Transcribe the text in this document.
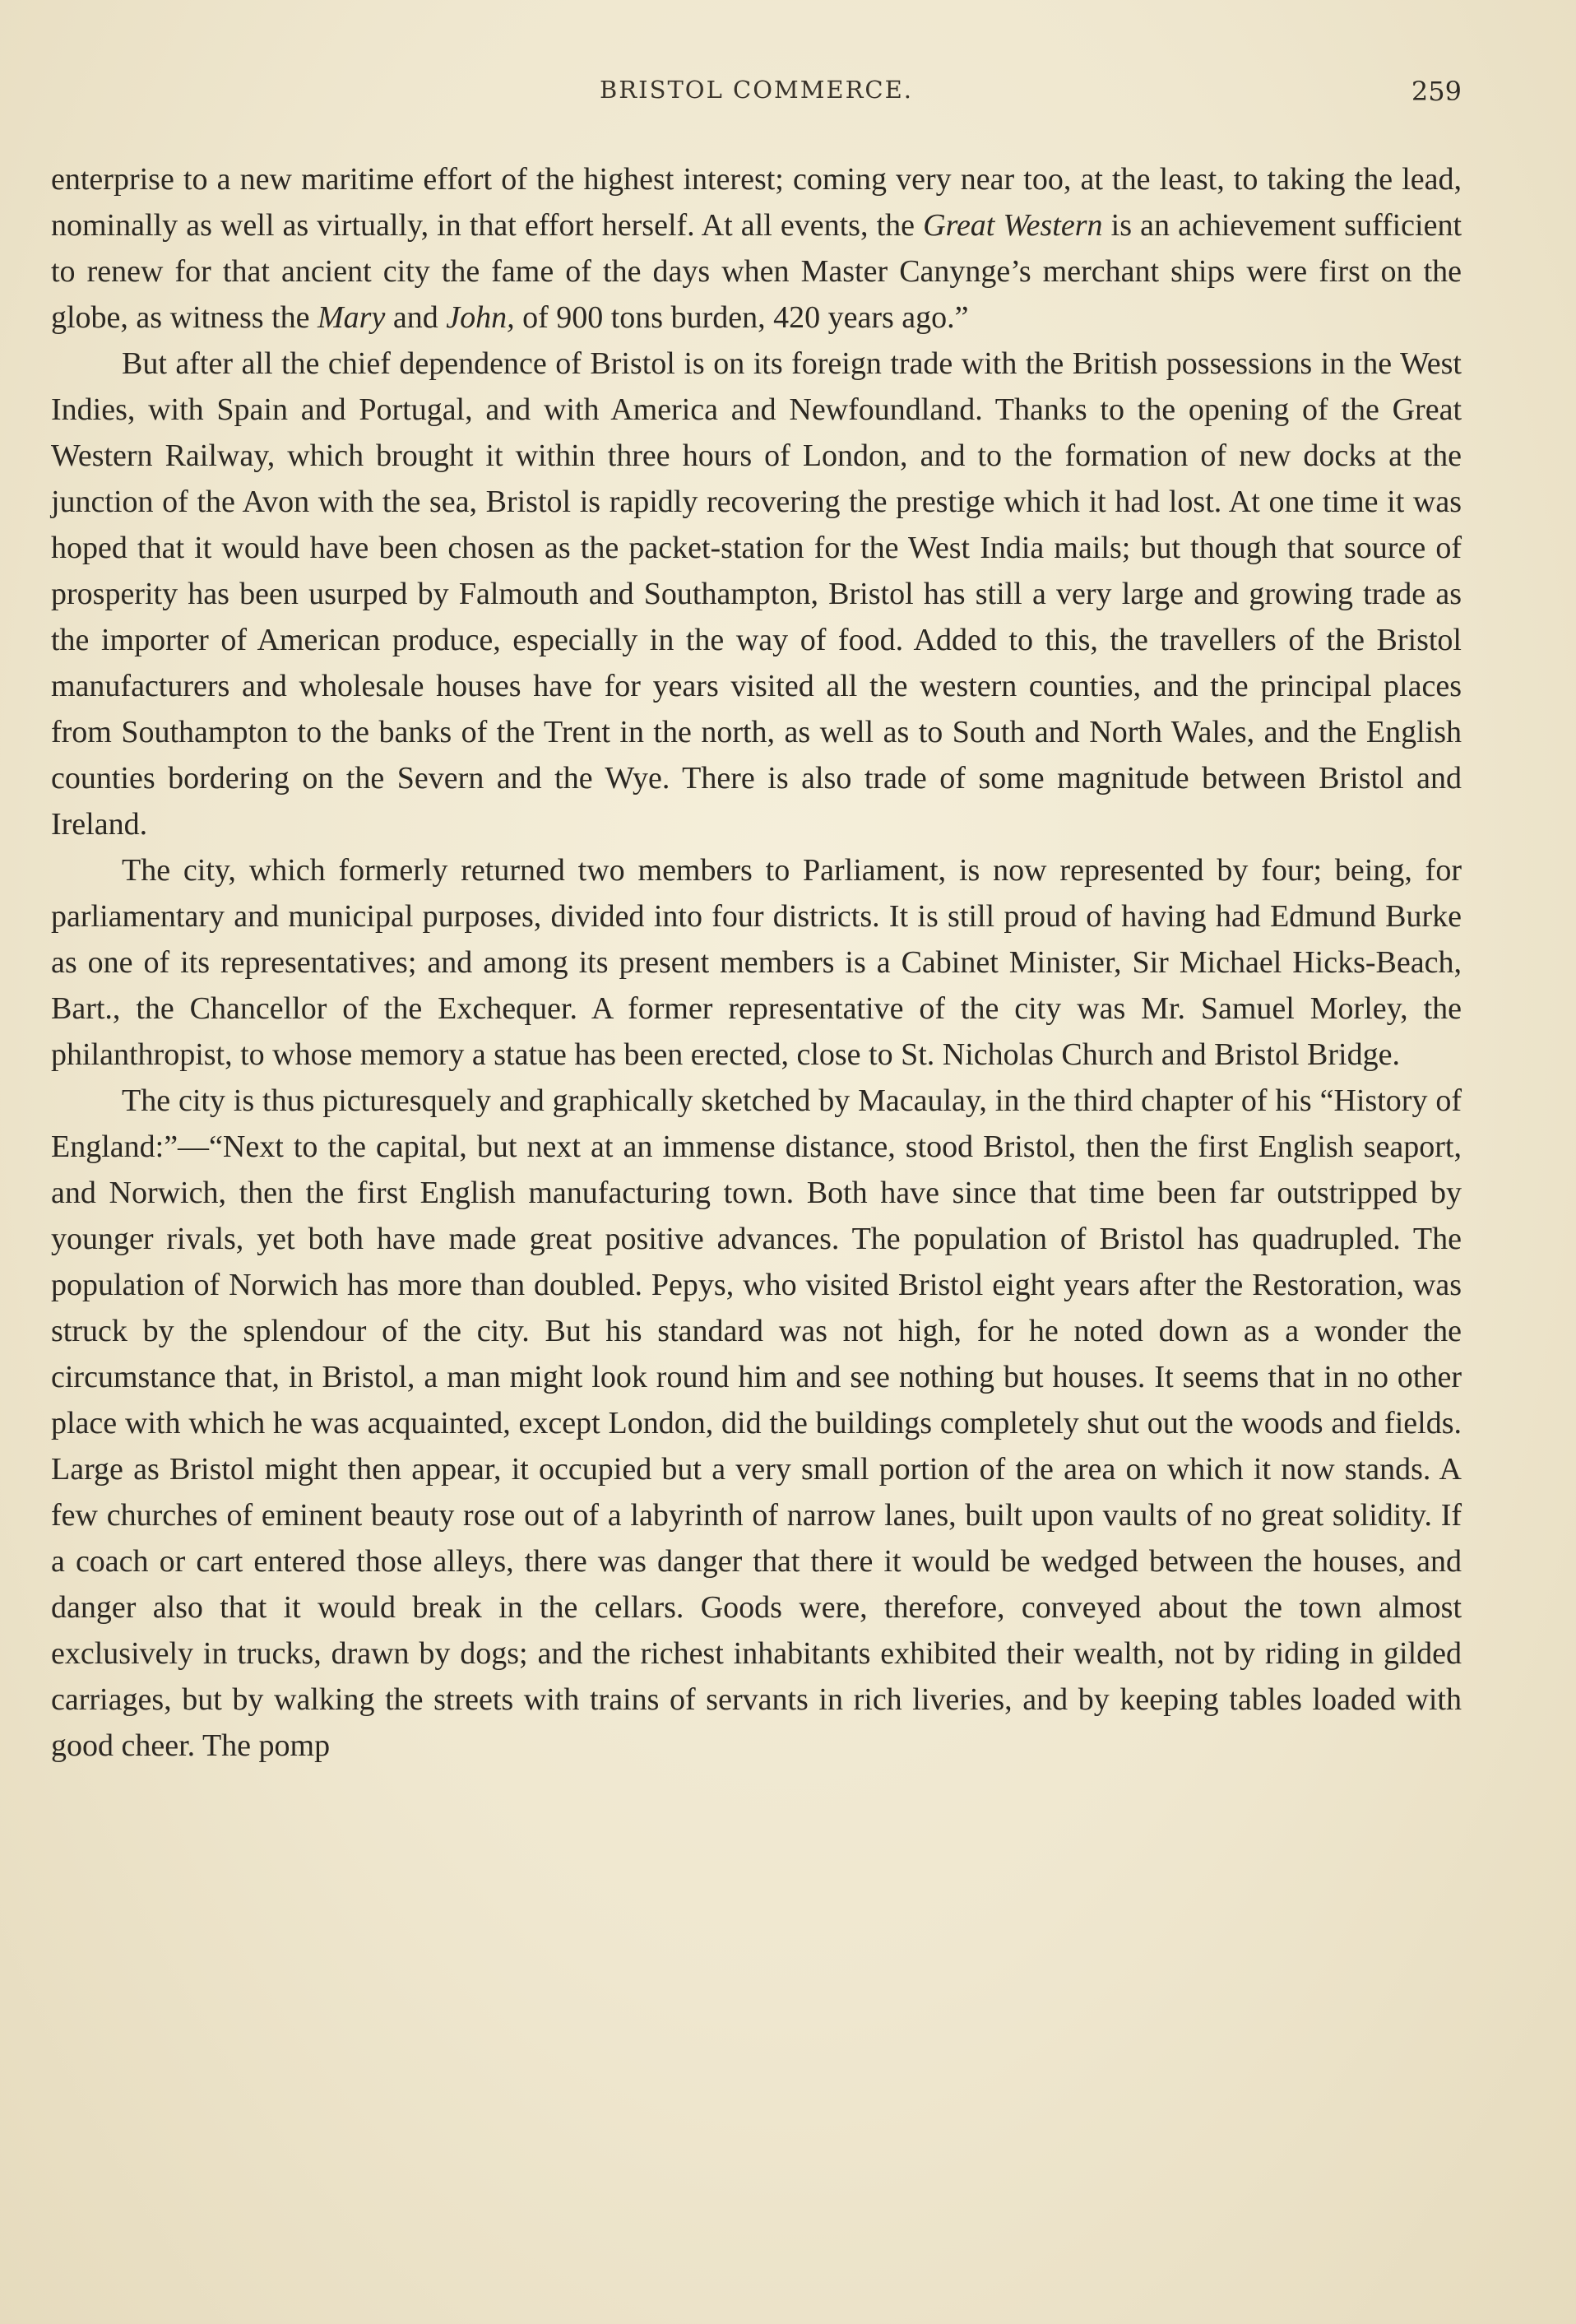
BRISTOL COMMERCE.	259

enterprise to a new maritime effort of the highest interest; coming very near too, at the least, to taking the lead, nominally as well as virtually, in that effort herself. At all events, the Great Western is an achievement sufficient to renew for that ancient city the fame of the days when Master Canynge’s merchant ships were first on the globe, as witness the Mary and John, of 900 tons burden, 420 years ago.”

But after all the chief dependence of Bristol is on its foreign trade with the British possessions in the West Indies, with Spain and Portugal, and with America and Newfoundland. Thanks to the opening of the Great Western Railway, which brought it within three hours of London, and to the formation of new docks at the junction of the Avon with the sea, Bristol is rapidly recovering the prestige which it had lost. At one time it was hoped that it would have been chosen as the packet-station for the West India mails; but though that source of prosperity has been usurped by Falmouth and Southampton, Bristol has still a very large and growing trade as the importer of American produce, especially in the way of food. Added to this, the travellers of the Bristol manufacturers and wholesale houses have for years visited all the western counties, and the principal places from Southampton to the banks of the Trent in the north, as well as to South and North Wales, and the English counties bordering on the Severn and the Wye. There is also trade of some magnitude between Bristol and Ireland.

The city, which formerly returned two members to Parliament, is now represented by four; being, for parliamentary and municipal purposes, divided into four districts. It is still proud of having had Edmund Burke as one of its representatives; and among its present members is a Cabinet Minister, Sir Michael Hicks-Beach, Bart., the Chancellor of the Exchequer. A former representative of the city was Mr. Samuel Morley, the philanthropist, to whose memory a statue has been erected, close to St. Nicholas Church and Bristol Bridge.

The city is thus picturesquely and graphically sketched by Macaulay, in the third chapter of his “History of England:”—“Next to the capital, but next at an immense distance, stood Bristol, then the first English seaport, and Norwich, then the first English manufacturing town. Both have since that time been far outstripped by younger rivals, yet both have made great positive advances. The population of Bristol has quadrupled. The population of Norwich has more than doubled. Pepys, who visited Bristol eight years after the Restoration, was struck by the splendour of the city. But his standard was not high, for he noted down as a wonder the circumstance that, in Bristol, a man might look round him and see nothing but houses. It seems that in no other place with which he was acquainted, except London, did the buildings completely shut out the woods and fields. Large as Bristol might then appear, it occupied but a very small portion of the area on which it now stands. A few churches of eminent beauty rose out of a labyrinth of narrow lanes, built upon vaults of no great solidity. If a coach or cart entered those alleys, there was danger that there it would be wedged between the houses, and danger also that it would break in the cellars. Goods were, therefore, conveyed about the town almost exclusively in trucks, drawn by dogs; and the richest inhabitants exhibited their wealth, not by riding in gilded carriages, but by walking the streets with trains of servants in rich liveries, and by keeping tables loaded with good cheer. The pomp
